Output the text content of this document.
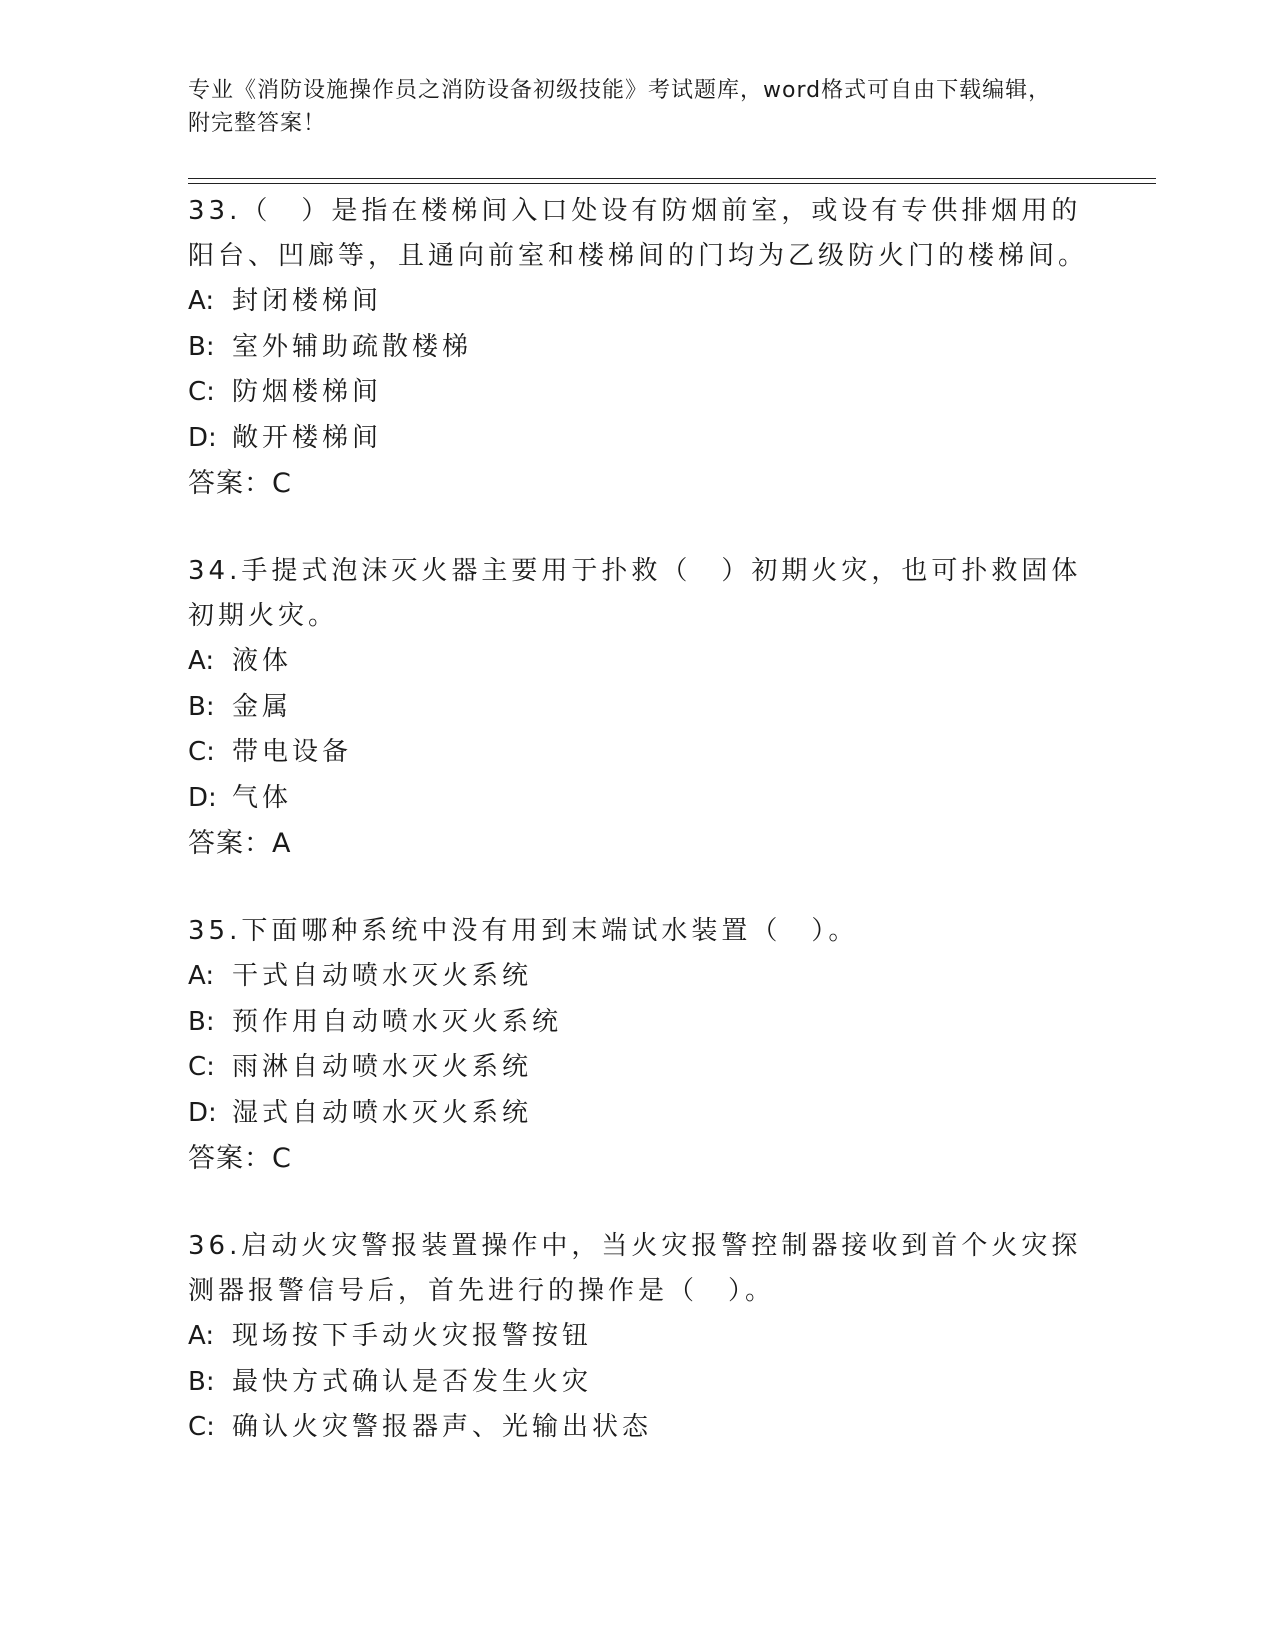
专业《消防设施操作员之消防设备初级技能》考试题库，word格式可自由下载编辑，附完整答案！

33.（　）是指在楼梯间入口处设有防烟前室，或设有专供排烟用的阳台、凹廊等，且通向前室和楼梯间的门均为乙级防火门的楼梯间。

A: 封闭楼梯间

B: 室外辅助疏散楼梯

C: 防烟楼梯间

D: 敞开楼梯间

答案：C

34.手提式泡沫灭火器主要用于扑救（　）初期火灾，也可扑救固体初期火灾。

A: 液体

B: 金属

C: 带电设备

D: 气体

答案：A

35.下面哪种系统中没有用到末端试水装置（　）。

A: 干式自动喷水灭火系统

B: 预作用自动喷水灭火系统

C: 雨淋自动喷水灭火系统

D: 湿式自动喷水灭火系统

答案：C

36.启动火灾警报装置操作中，当火灾报警控制器接收到首个火灾探测器报警信号后，首先进行的操作是（　）。

A: 现场按下手动火灾报警按钮

B: 最快方式确认是否发生火灾

C: 确认火灾警报器声、光输出状态
